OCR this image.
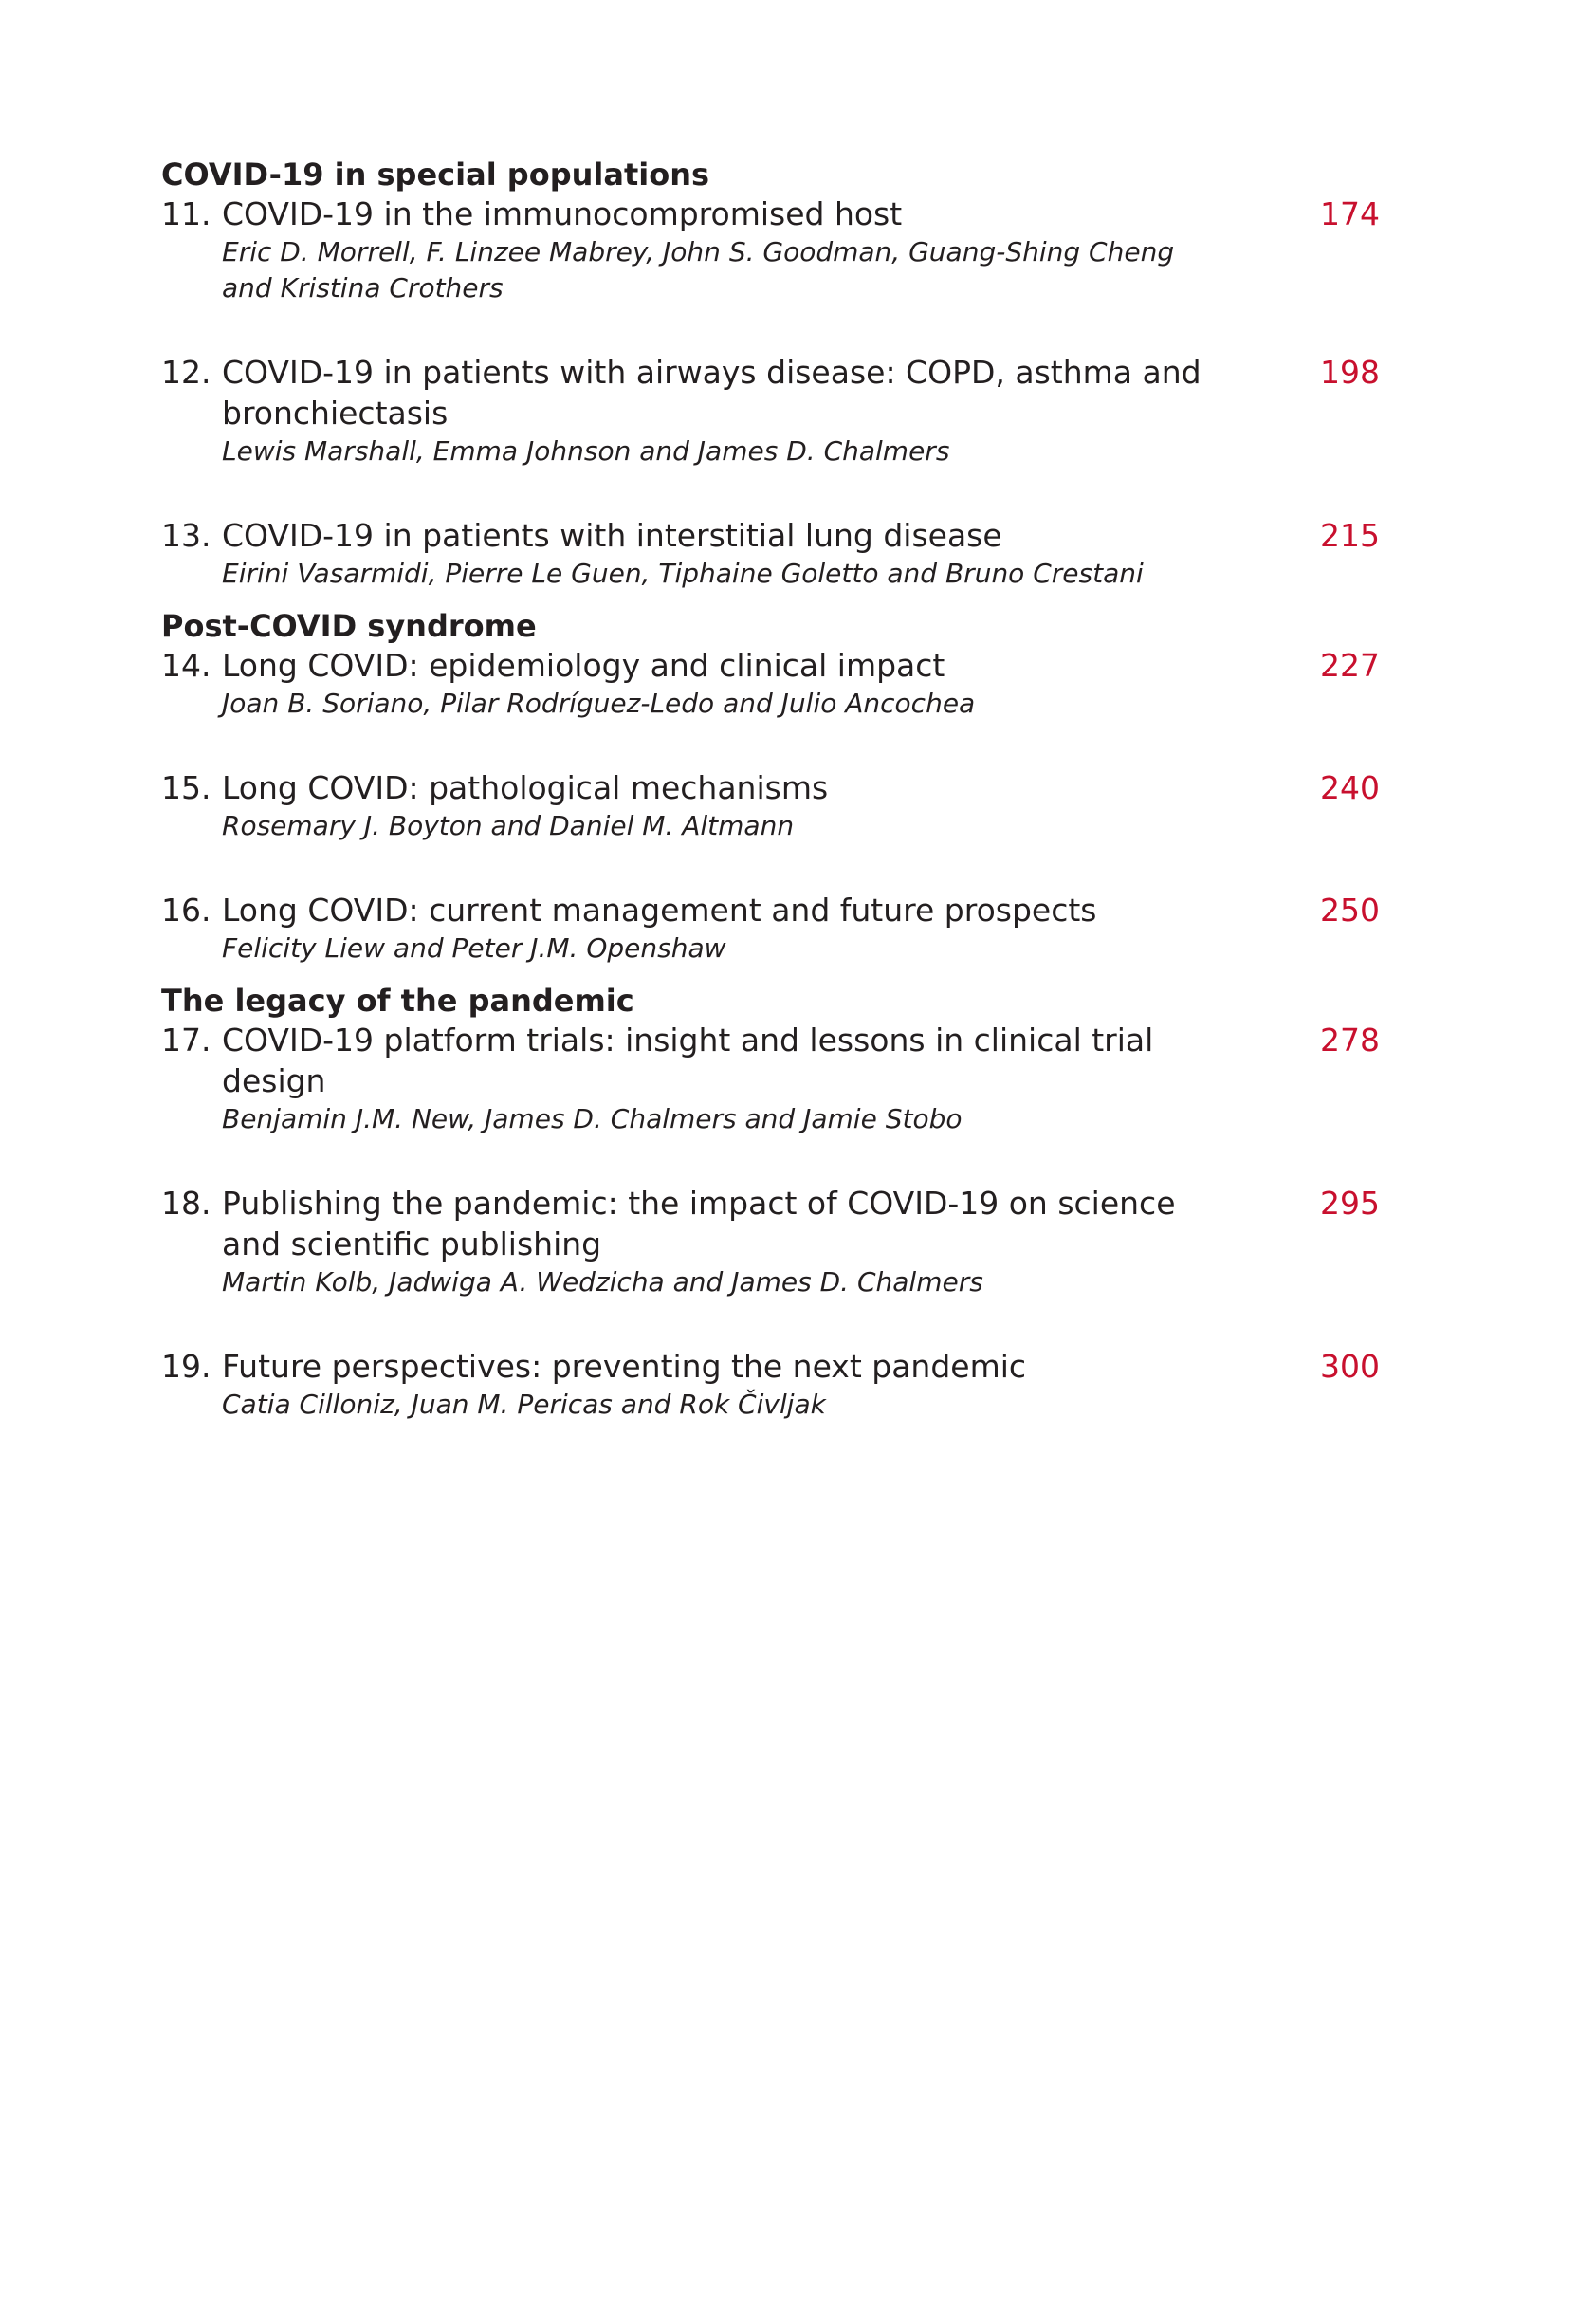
COVID-19 in special populations
11. COVID-19 in the immunocompromised host
Eric D. Morrell, F. Linzee Mabrey, John S. Goodman, Guang-Shing Cheng and Kristina Crothers
174
12. COVID-19 in patients with airways disease: COPD, asthma and bronchiectasis
Lewis Marshall, Emma Johnson and James D. Chalmers
198
13. COVID-19 in patients with interstitial lung disease
Eirini Vasarmidi, Pierre Le Guen, Tiphaine Goletto and Bruno Crestani
215
Post-COVID syndrome
14. Long COVID: epidemiology and clinical impact
Joan B. Soriano, Pilar Rodríguez-Ledo and Julio Ancochea
227
15. Long COVID: pathological mechanisms
Rosemary J. Boyton and Daniel M. Altmann
240
16. Long COVID: current management and future prospects
Felicity Liew and Peter J.M. Openshaw
250
The legacy of the pandemic
17. COVID-19 platform trials: insight and lessons in clinical trial design
Benjamin J.M. New, James D. Chalmers and Jamie Stobo
278
18. Publishing the pandemic: the impact of COVID-19 on science and scientific publishing
Martin Kolb, Jadwiga A. Wedzicha and James D. Chalmers
295
19. Future perspectives: preventing the next pandemic
Catia Cilloniz, Juan M. Pericas and Rok Čivljak
300
